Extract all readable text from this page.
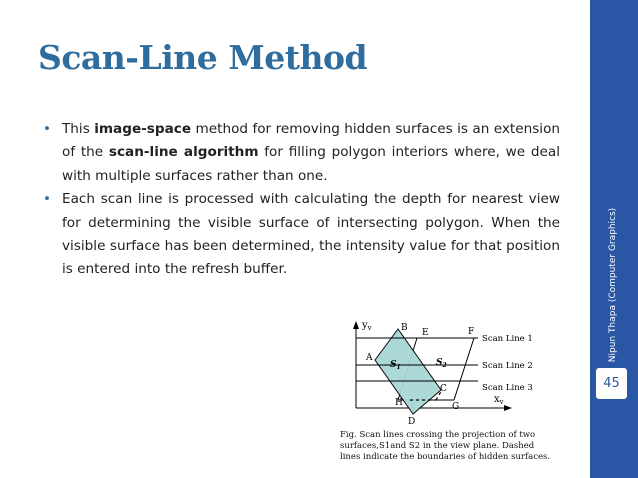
Nipun Thapa (Computer Graphics)
45
Scan-Line Method
• This image-space method for removing hidden surfaces is an extension of the scan-line algorithm for filling polygon interiors where, we deal with multiple surfaces rather than one.
• Each scan line is processed with calculating the depth for nearest view for determining the visible surface of intersecting polygon. When the visible surface has been determined, the intensity value for that position is entered into the refresh buffer.
$y_v$
$x_v$
B E	F
A
C
H	G
D
$S_1$	$S_2$
Scan Line 1
Scan Line 2
Scan Line 3
Fig. Scan lines crossing the projection of two surfaces,S1and S2 in the view plane. Dashed lines indicate the boundaries of hidden surfaces.
